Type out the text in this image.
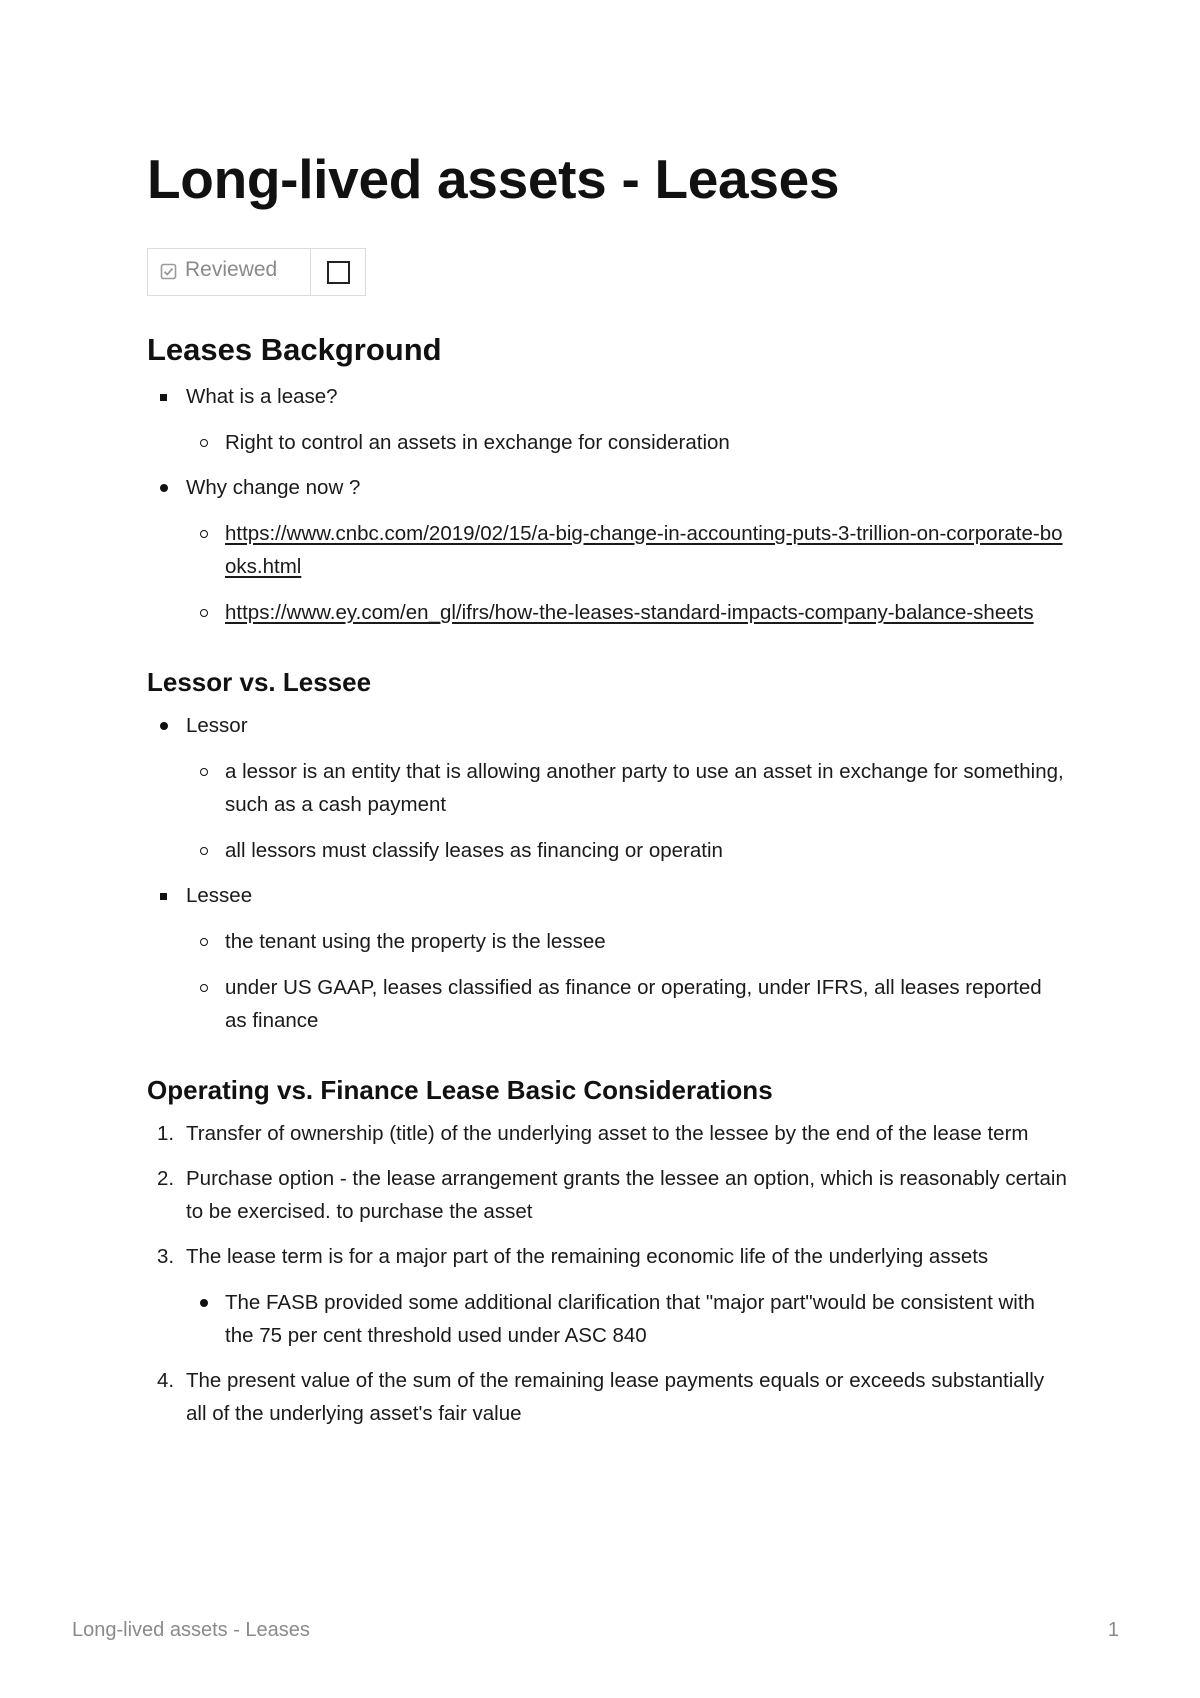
Long-lived assets - Leases
Reviewed	
Leases Background
What is a lease?
Right to control an assets in exchange for consideration
Why change now ?
https://www.cnbc.com/2019/02/15/a-big-change-in-accounting-puts-3-trillion-on-corporate-books.html
https://www.ey.com/en_gl/ifrs/how-the-leases-standard-impacts-company-balance-sheets
Lessor vs. Lessee
Lessor
a lessor is an entity that is allowing another party to use an asset in exchange for something, such as a cash payment
all lessors must classify leases as financing or operatin
Lessee
the tenant using the property is the lessee
under US GAAP, leases classified as finance or operating, under IFRS, all leases reported as finance
Operating vs. Finance Lease Basic Considerations
1. Transfer of ownership (title) of the underlying asset to the lessee by the end of the lease term
2. Purchase option - the lease arrangement grants the lessee an option, which is reasonably certain to be exercised. to purchase the asset
3. The lease term is for a major part of the remaining economic life of the underlying assets
The FASB provided some additional clarification that "major part"would be consistent with the 75 per cent threshold used under ASC 840
4. The present value of the sum of the remaining lease payments equals or exceeds substantially all of the underlying asset's fair value
Long-lived assets - Leases	1
